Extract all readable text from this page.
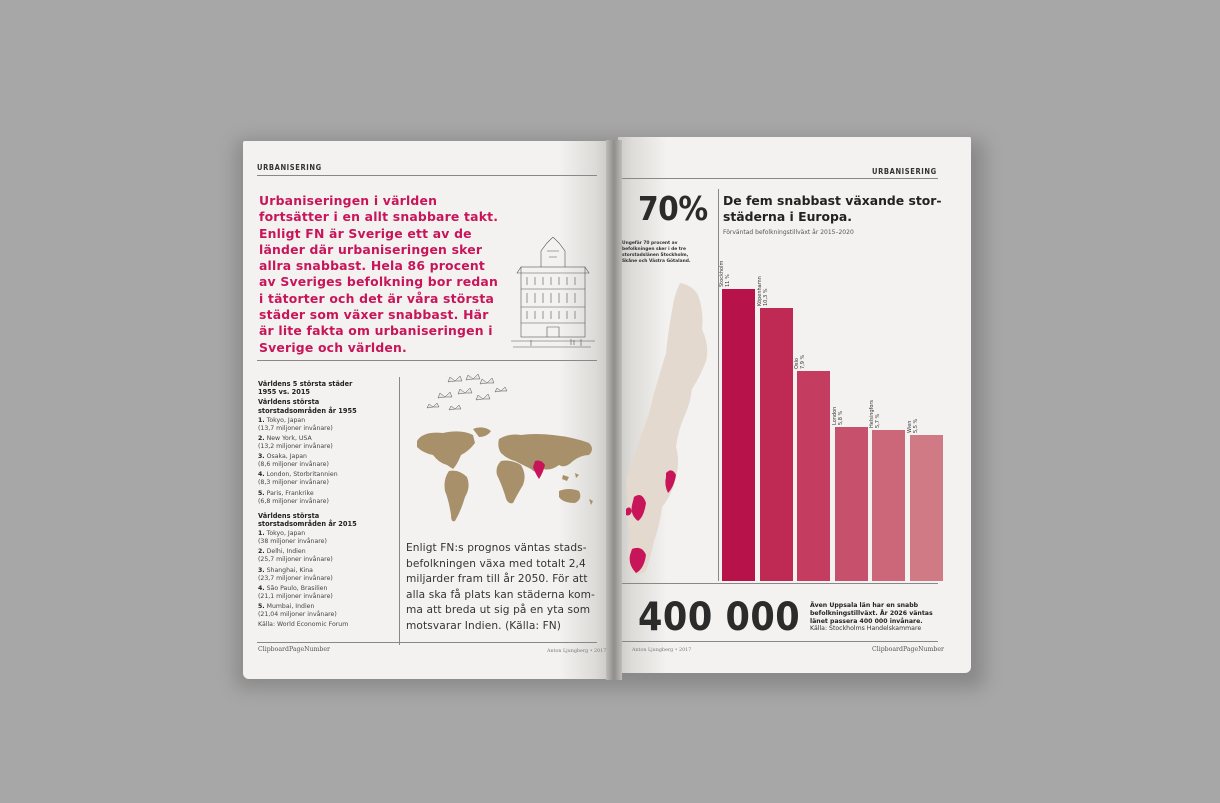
URBANISERING
Urbaniseringen i världen
fortsätter i en allt snabbare takt.
Enligt FN är Sverige ett av de
länder där urbaniseringen sker
allra snabbast. Hela 86 procent
av Sveriges befolkning bor redan
i tätorter och det är våra största
städer som växer snabbast. Här
är lite fakta om urbaniseringen i
Sverige och världen.
Världens 5 största städer
1955 vs. 2015
Världens största
storstadsområden år 1955
1. Tokyo, Japan
(13,7 miljoner invånare)
2. New York, USA
(13,2 miljoner invånare)
3. Osaka, Japan
(8,6 miljoner invånare)
4. London, Storbritannien
(8,3 miljoner invånare)
5. Paris, Frankrike
(6,8 miljoner invånare)
Världens största
storstadsområden år 2015
1. Tokyo, Japan
(38 miljoner invånare)
2. Delhi, Indien
(25,7 miljoner invånare)
3. Shanghai, Kina
(23,7 miljoner invånare)
4. São Paulo, Brasilien
(21,1 miljoner invånare)
5. Mumbai, Indien
(21,04 miljoner invånare)
Källa: World Economic Forum
Enligt FN:s prognos väntas stads-
befolkningen växa med totalt 2,4
miljarder fram till år 2050. För att
alla ska få plats kan städerna kom-
ma att breda ut sig på en yta som
motsvarar Indien. (Källa: FN)
ClipboardPageNumber	Anton Ljungberg • 2017
URBANISERING
70%
Ungefär 70 procent av
befolkningen sker i de tre
storstadslänen Stockholm,
Skåne och Västra Götaland.
De fem snabbast växande stor-
städerna i Europa.
Förväntad befolkningstillväxt år 2015–2020
Stockholm
11 %	Köpenhamn
10,3 %
Oslo
7,9 %
London
5,8 %	Helsingfors
5,7 %	Wien
5,5 %
400 000 Även Uppsala län har en snabb
befolkningstillväxt. År 2026 väntas
länet passera 400 000 invånare.
Källa: Stockholms Handelskammare
Anton Ljungberg • 2017	ClipboardPageNumber
